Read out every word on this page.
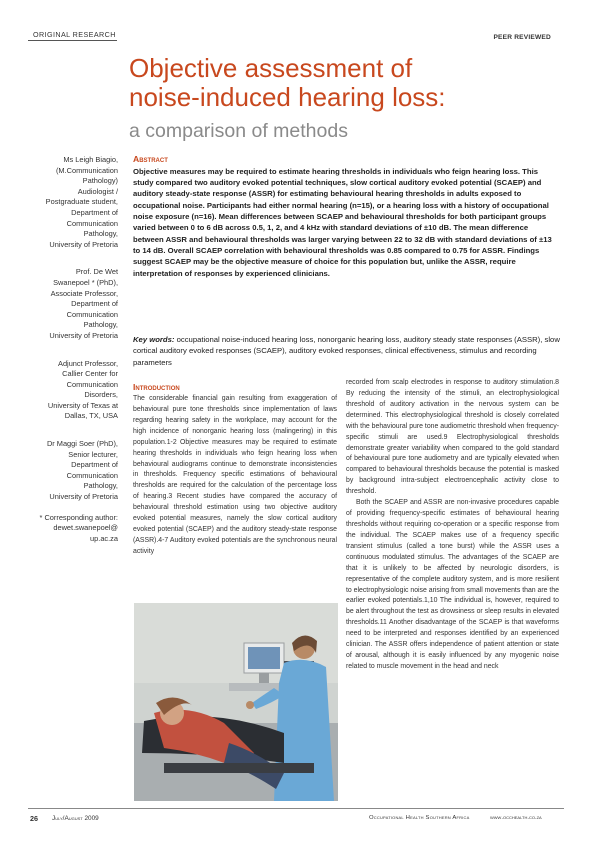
ORIGINAL RESEARCH	PEER REVIEWED
Objective assessment of
noise-induced hearing loss:
a comparison of methods
Ms Leigh Biagio,
(M.Communication
Pathology)
Audiologist /
Postgraduate student,
Department of
Communication
Pathology,
University of Pretoria
Prof. De Wet
Swanepoel * (PhD),
Associate Professor,
Department of
Communication
Pathology,
University of Pretoria
Adjunct Professor,
Callier Center for
Communication
Disorders,
University of Texas at
Dallas, TX, USA
Dr Maggi Soer (PhD),
Senior lecturer,
Department of
Communication
Pathology,
University of Pretoria
* Corresponding author:
dewet.swanepoel@
up.ac.za
Abstract
Objective measures may be required to estimate hearing thresholds in individuals who feign hearing loss. This study compared two auditory evoked potential techniques, slow cortical auditory evoked potential (SCAEP) and auditory steady-state response (ASSR) for estimating behavioural hearing thresholds in adults exposed to occupational noise. Participants had either normal hearing (n=15), or a hearing loss with a history of occupational noise exposure (n=16). Mean differences between SCAEP and behavioural thresholds for both participant groups varied between 0 to 6 dB across 0.5, 1, 2, and 4 kHz with standard deviations of ±10 dB. The mean difference between ASSR and behavioural thresholds was larger varying between 22 to 32 dB with standard deviations of ±13 to 14 dB. Overall SCAEP correlation with behavioural thresholds was 0.85 compared to 0.75 for ASSR. Findings suggest SCAEP may be the objective measure of choice for this population but, unlike the ASSR, require interpretation of responses by experienced clinicians.
Key words: occupational noise-induced hearing loss, nonorganic hearing loss, auditory steady state responses (ASSR), slow cortical auditory evoked responses (SCAEP), auditory evoked responses, clinical effectiveness, stimulus and recording parameters
Introduction
The considerable financial gain resulting from exaggeration of behavioural pure tone thresholds since implementation of laws regarding hearing safety in the workplace, may account for the high incidence of nonorganic hearing loss (malingering) in this population.1-2 Objective measures may be required to estimate hearing thresholds in individuals who feign hearing loss when behavioural audiograms continue to demonstrate inconsistencies in thresholds. Frequency specific estimations of behavioural thresholds are required for the calculation of the percentage loss of hearing.3 Recent studies have compared the accuracy of behavioural threshold estimation using two objective auditory evoked potential measures, namely the slow cortical auditory evoked potential (SCAEP) and the auditory steady-state response (ASSR).4-7 Auditory evoked potentials are the synchronous neural activity

recorded from scalp electrodes in response to auditory stimulation.8 By reducing the intensity of the stimuli, an electrophysiological threshold of auditory activation in the nervous system can be determined. This electrophysiological threshold is closely correlated with the behavioural pure tone audiometric threshold when frequency-specific stimuli are used.9 Electrophysiological thresholds demonstrate greater variability when compared to the gold standard of behavioural pure tone audiometry and are typically elevated when compared to behavioural thresholds because the potential is masked by background intra-subject electroencephalic activity close to threshold.

Both the SCAEP and ASSR are non-invasive procedures capable of providing frequency-specific estimates of behavioural hearing thresholds without requiring co-operation or a specific response from the individual. The SCAEP makes use of a frequency specific transient stimulus (called a tone burst) while the ASSR uses a continuous modulated stimulus. The advantages of the SCAEP are that it is unlikely to be affected by neurologic disorders, is representative of the complete auditory system, and is more resilient to electrophysiologic noise arising from small movements than are the earlier evoked potentials.1,10 The individual is, however, required to be alert throughout the test as drowsiness or sleep results in elevated thresholds.11 Another disadvantage of the SCAEP is that waveforms need to be interpreted and responses identified by an experienced clinician. The ASSR offers independence of patient attention or state of arousal, although it is easily influenced by any myogenic noise related to muscle movement in the head and neck

26 July/August 2009	Occupational Health Southern Africa	www.occhealth.co.za
